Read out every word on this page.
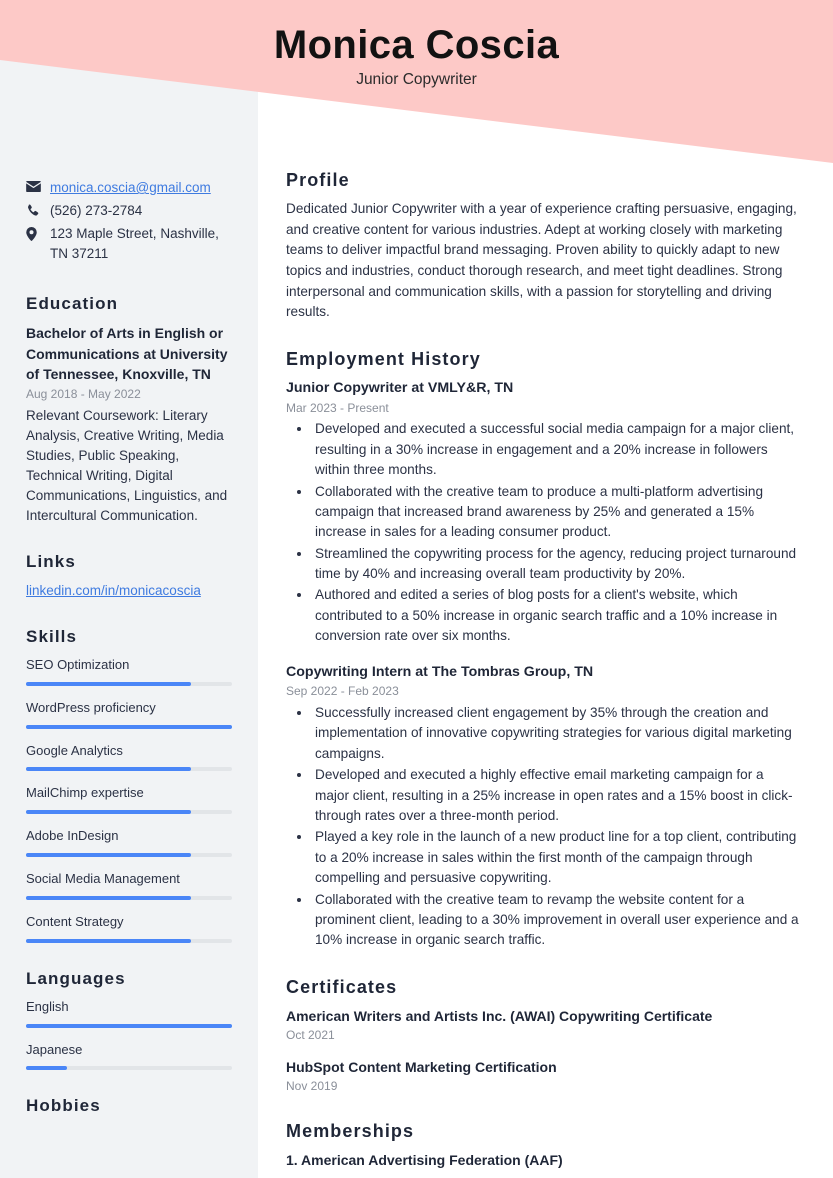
monica.coscia@gmail.com
(526) 273-2784
123 Maple Street, Nashville, TN 37211
Education

Bachelor of Arts in English or Communications at University of Tennessee, Knoxville, TN

Aug 2018 - May 2022

Relevant Coursework: Literary Analysis, Creative Writing, Media Studies, Public Speaking, Technical Writing, Digital Communications, Linguistics, and Intercultural Communication.

Links
linkedin.com/in/monicacoscia
Skills
SEO Optimization
WordPress proficiency
Google Analytics
MailChimp expertise
Adobe InDesign
Social Media Management
Content Strategy
Languages
English
Japanese
Hobbies
Monica Coscia

Junior Copywriter

Profile

Dedicated Junior Copywriter with a year of experience crafting persuasive, engaging, and creative content for various industries. Adept at working closely with marketing teams to deliver impactful brand messaging. Proven ability to quickly adapt to new topics and industries, conduct thorough research, and meet tight deadlines. Strong interpersonal and communication skills, with a passion for storytelling and driving results.

Employment History

Junior Copywriter at VMLY&R, TN

Mar 2023 - Present

• Developed and executed a successful social media campaign for a major client, resulting in a 30% increase in engagement and a 20% increase in followers within three months.
• Collaborated with the creative team to produce a multi-platform advertising campaign that increased brand awareness by 25% and generated a 15% increase in sales for a leading consumer product.
• Streamlined the copywriting process for the agency, reducing project turnaround time by 40% and increasing overall team productivity by 20%.
• Authored and edited a series of blog posts for a client's website, which contributed to a 50% increase in organic search traffic and a 10% increase in conversion rate over six months.

Copywriting Intern at The Tombras Group, TN

Sep 2022 - Feb 2023

• Successfully increased client engagement by 35% through the creation and implementation of innovative copywriting strategies for various digital marketing campaigns.
• Developed and executed a highly effective email marketing campaign for a major client, resulting in a 25% increase in open rates and a 15% boost in click-through rates over a three-month period.
• Played a key role in the launch of a new product line for a top client, contributing to a 20% increase in sales within the first month of the campaign through compelling and persuasive copywriting.
• Collaborated with the creative team to revamp the website content for a prominent client, leading to a 30% improvement in overall user experience and a 10% increase in organic search traffic.
Certificates

American Writers and Artists Inc. (AWAI) Copywriting Certificate

Oct 2021

HubSpot Content Marketing Certification

Nov 2019

Memberships

1. American Advertising Federation (AAF)
